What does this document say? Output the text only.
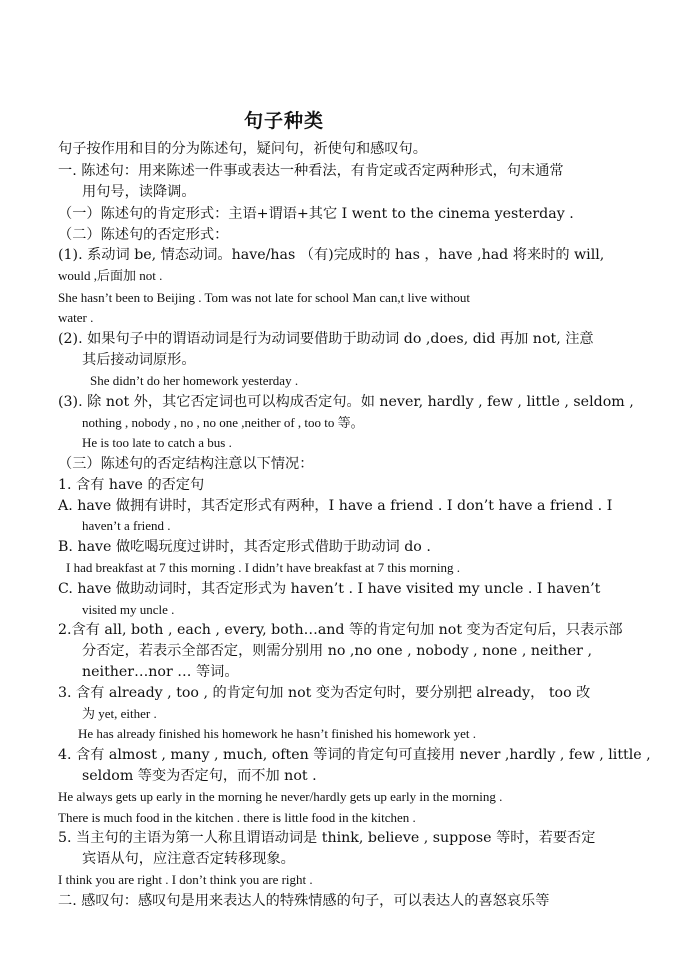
句子种类
句子按作用和目的分为陈述句，疑问句，祈使句和感叹句。
一. 陈述句：用来陈述一件事或表达一种看法，有肯定或否定两种形式，句末通常
用句号，读降调。
（一）陈述句的肯定形式：主语+谓语+其它 I went to the cinema yesterday .
（二）陈述句的否定形式：
(1). 系动词 be, 情态动词。have/has （有)完成时的 has ，have ,had 将来时的 will,
would ,后面加 not .
She hasn’t been to Beijing . Tom was not late for school Man can,t live without
water .
(2). 如果句子中的谓语动词是行为动词要借助于助动词 do ,does, did 再加 not, 注意
其后接动词原形。
She didn’t do her homework yesterday .
(3). 除 not 外，其它否定词也可以构成否定句。如 never, hardly , few , little , seldom ,
nothing , nobody , no , no one ,neither of , too to 等。
He is too late to catch a bus .
（三）陈述句的否定结构注意以下情况：
1. 含有 have 的否定句
A. have 做拥有讲时，其否定形式有两种，I have a friend . I don’t have a friend . I
haven’t a friend .
B. have 做吃喝玩度过讲时，其否定形式借助于助动词 do .
I had breakfast at 7 this morning . I didn’t have breakfast at 7 this morning .
C. have 做助动词时，其否定形式为 haven’t . I have visited my uncle . I haven’t
visited my uncle .
2.含有 all, both , each , every, both…and 等的肯定句加 not 变为否定句后，只表示部
分否定，若表示全部否定，则需分别用 no ,no one , nobody , none , neither ,
neither…nor … 等词。
3. 含有 already , too , 的肯定句加 not 变为否定句时，要分别把 already， too 改
为 yet, either .
He has already finished his homework he hasn’t finished his homework yet .
4. 含有 almost , many , much, often 等词的肯定句可直接用 never ,hardly , few , little ,
seldom 等变为否定句，而不加 not .
He always gets up early in the morning he never/hardly gets up early in the morning .
There is much food in the kitchen . there is little food in the kitchen .
5. 当主句的主语为第一人称且谓语动词是 think, believe , suppose 等时，若要否定
宾语从句，应注意否定转移现象。
I think you are right . I don’t think you are right .
二. 感叹句：感叹句是用来表达人的特殊情感的句子，可以表达人的喜怒哀乐等
